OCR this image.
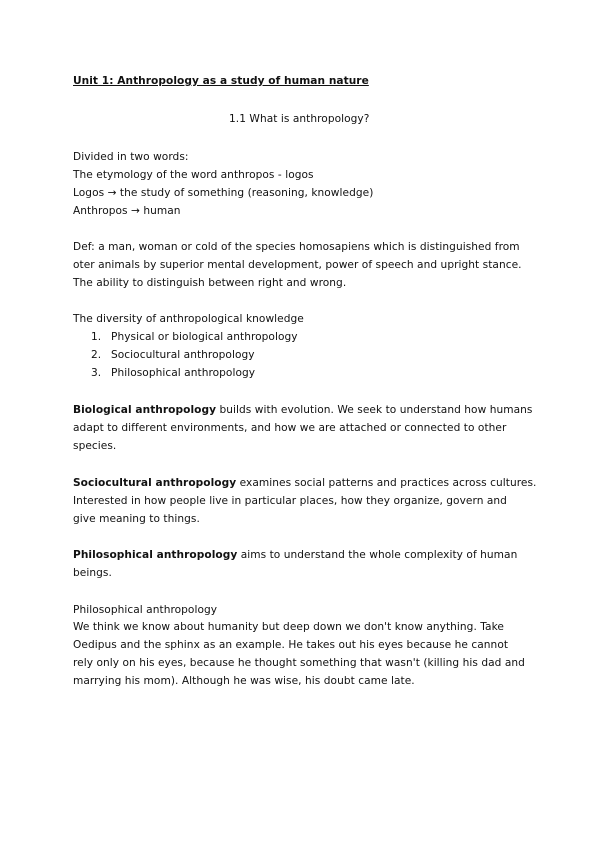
Unit 1: Anthropology as a study of human nature
1.1 What is anthropology?
Divided in two words:
The etymology of the word anthropos - logos
Logos → the study of something (reasoning, knowledge)
Anthropos → human
Def: a man, woman or cold of the species homosapiens which is distinguished from
oter animals by superior mental development, power of speech and upright stance.
The ability to distinguish between right and wrong.
The diversity of anthropological knowledge
1. Physical or biological anthropology
2. Sociocultural anthropology
3. Philosophical anthropology
Biological anthropology builds with evolution. We seek to understand how humans
adapt to different environments, and how we are attached or connected to other
species.
Sociocultural anthropology examines social patterns and practices across cultures.
Interested in how people live in particular places, how they organize, govern and
give meaning to things.
Philosophical anthropology aims to understand the whole complexity of human
beings.
Philosophical anthropology
We think we know about humanity but deep down we don't know anything. Take
Oedipus and the sphinx as an example. He takes out his eyes because he cannot
rely only on his eyes, because he thought something that wasn't (killing his dad and
marrying his mom). Although he was wise, his doubt came late.
